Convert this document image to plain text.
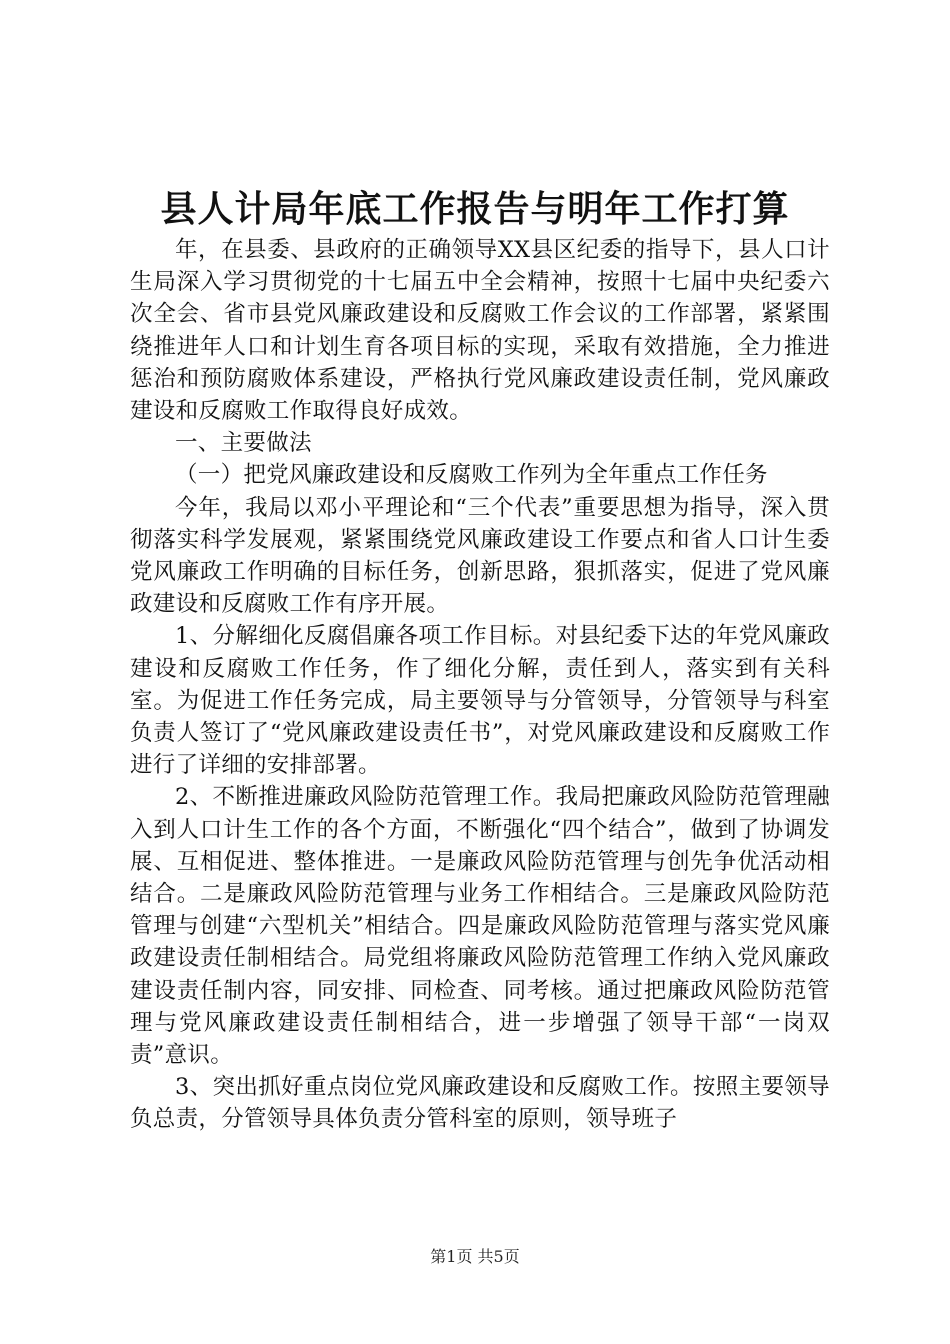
县人计局年底工作报告与明年工作打算

年，在县委、县政府的正确领导XX县区纪委的指导下，县人口计生局深入学习贯彻党的十七届五中全会精神，按照十七届中央纪委六次全会、省市县党风廉政建设和反腐败工作会议的工作部署，紧紧围绕推进年人口和计划生育各项目标的实现，采取有效措施，全力推进惩治和预防腐败体系建设，严格执行党风廉政建设责任制，党风廉政建设和反腐败工作取得良好成效。

一、主要做法

（一）把党风廉政建设和反腐败工作列为全年重点工作任务

今年，我局以邓小平理论和“三个代表”重要思想为指导，深入贯彻落实科学发展观，紧紧围绕党风廉政建设工作要点和省人口计生委党风廉政工作明确的目标任务，创新思路，狠抓落实，促进了党风廉政建设和反腐败工作有序开展。

1、分解细化反腐倡廉各项工作目标。对县纪委下达的年党风廉政建设和反腐败工作任务，作了细化分解，责任到人，落实到有关科室。为促进工作任务完成，局主要领导与分管领导，分管领导与科室负责人签订了“党风廉政建设责任书”，对党风廉政建设和反腐败工作进行了详细的安排部署。

2、不断推进廉政风险防范管理工作。我局把廉政风险防范管理融入到人口计生工作的各个方面，不断强化“四个结合”，做到了协调发展、互相促进、整体推进。一是廉政风险防范管理与创先争优活动相结合。二是廉政风险防范管理与业务工作相结合。三是廉政风险防范管理与创建“六型机关”相结合。四是廉政风险防范管理与落实党风廉政建设责任制相结合。局党组将廉政风险防范管理工作纳入党风廉政建设责任制内容，同安排、同检查、同考核。通过把廉政风险防范管理与党风廉政建设责任制相结合，进一步增强了领导干部“一岗双责”意识。

3、突出抓好重点岗位党风廉政建设和反腐败工作。按照主要领导负总责，分管领导具体负责分管科室的原则，领导班子

第1页 共5页
